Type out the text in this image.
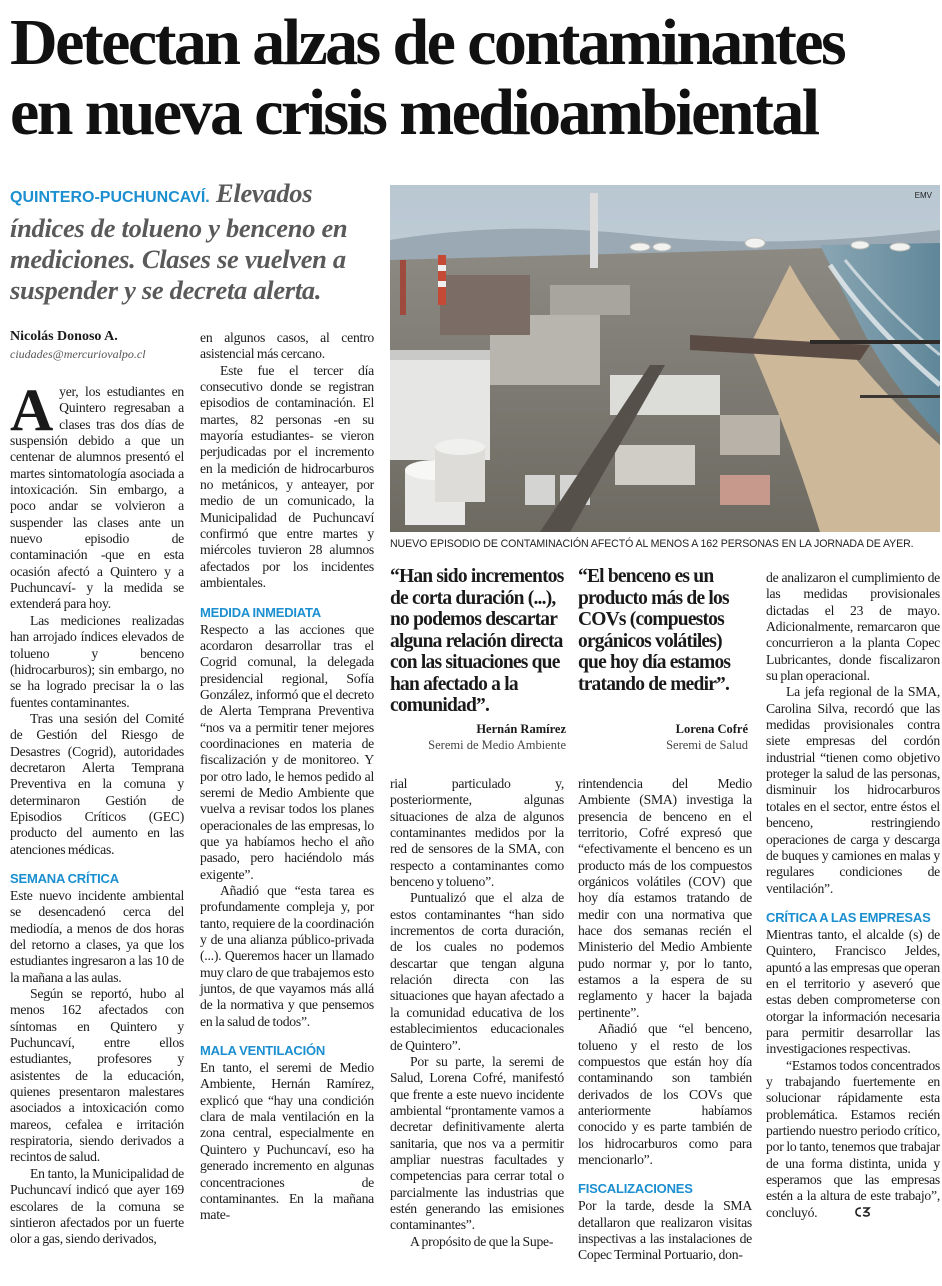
Detectan alzas de contaminantes
en nueva crisis medioambiental

QUINTERO-PUCHUNCAVÍ. Elevados índices de tolueno y benceno en mediciones. Clases se vuelven a suspender y se decreta alerta.

Nicolás Donoso A.
ciudades@mercuriovalpo.cl
EMV
NUEVO EPISODIO DE CONTAMINACIÓN AFECTÓ AL MENOS A 162 PERSONAS EN LA JORNADA DE AYER.

“Han sido incrementos de corta duración (...), no podemos descartar alguna relación directa con las situaciones que han afectado a la comunidad”.

Hernán Ramírez
Seremi de Medio Ambiente

“El benceno es un producto más de los COVs (compuestos orgánicos volátiles) que hoy día estamos tratando de medir”.

Lorena Cofré
Seremi de Salud

Ayer, los estudiantes en Quintero regresaban a clases tras dos días de suspensión debido a que un centenar de alumnos presentó el martes sintomatología asociada a intoxicación. Sin embargo, a poco andar se volvieron a suspender las clases ante un nuevo episodio de contaminación -que en esta ocasión afectó a Quintero y a Puchuncaví- y la medida se extenderá para hoy.

Las mediciones realizadas han arrojado índices elevados de tolueno y benceno (hidrocarburos); sin embargo, no se ha logrado precisar la o las fuentes contaminantes.

Tras una sesión del Comité de Gestión del Riesgo de Desastres (Cogrid), autoridades decretaron Alerta Temprana Preventiva en la comuna y determinaron Gestión de Episodios Críticos (GEC) producto del aumento en las atenciones médicas.

SEMANA CRÍTICA

Este nuevo incidente ambiental se desencadenó cerca del mediodía, a menos de dos horas del retorno a clases, ya que los estudiantes ingresaron a las 10 de la mañana a las aulas.

Según se reportó, hubo al menos 162 afectados con síntomas en Quintero y Puchuncaví, entre ellos estudiantes, profesores y asistentes de la educación, quienes presentaron malestares asociados a intoxicación como mareos, cefalea e irritación respiratoria, siendo derivados a recintos de salud.

En tanto, la Municipalidad de Puchuncaví indicó que ayer 169 escolares de la comuna se sintieron afectados por un fuerte olor a gas, siendo derivados,

en algunos casos, al centro asistencial más cercano.

Este fue el tercer día consecutivo donde se registran episodios de contaminación. El martes, 82 personas -en su mayoría estudiantes- se vieron perjudicadas por el incremento en la medición de hidrocarburos no metánicos, y anteayer, por medio de un comunicado, la Municipalidad de Puchuncaví confirmó que entre martes y miércoles tuvieron 28 alumnos afectados por los incidentes ambientales.

MEDIDA INMEDIATA

Respecto a las acciones que acordaron desarrollar tras el Cogrid comunal, la delegada presidencial regional, Sofía González, informó que el decreto de Alerta Temprana Preventiva “nos va a permitir tener mejores coordinaciones en materia de fiscalización y de monitoreo. Y por otro lado, le hemos pedido al seremi de Medio Ambiente que vuelva a revisar todos los planes operacionales de las empresas, lo que ya habíamos hecho el año pasado, pero haciéndolo más exigente”.

Añadió que “esta tarea es profundamente compleja y, por tanto, requiere de la coordinación y de una alianza público-privada (...). Queremos hacer un llamado muy claro de que trabajemos esto juntos, de que vayamos más allá de la normativa y que pensemos en la salud de todos”.

MALA VENTILACIÓN

En tanto, el seremi de Medio Ambiente, Hernán Ramírez, explicó que “hay una condición clara de mala ventilación en la zona central, especialmente en Quintero y Puchuncaví, eso ha generado incremento en algunas concentraciones de contaminantes. En la mañana mate-

rial particulado y, posteriormente, algunas situaciones de alza de algunos contaminantes medidos por la red de sensores de la SMA, con respecto a contaminantes como benceno y tolueno”.

Puntualizó que el alza de estos contaminantes “han sido incrementos de corta duración, de los cuales no podemos descartar que tengan alguna relación directa con las situaciones que hayan afectado a la comunidad educativa de los establecimientos educacionales de Quintero”.

Por su parte, la seremi de Salud, Lorena Cofré, manifestó que frente a este nuevo incidente ambiental “prontamente vamos a decretar definitivamente alerta sanitaria, que nos va a permitir ampliar nuestras facultades y competencias para cerrar total o parcialmente las industrias que estén generando las emisiones contaminantes”.

A propósito de que la Supe-

rintendencia del Medio Ambiente (SMA) investiga la presencia de benceno en el territorio, Cofré expresó que “efectivamente el benceno es un producto más de los compuestos orgánicos volátiles (COV) que hoy día estamos tratando de medir con una normativa que hace dos semanas recién el Ministerio del Medio Ambiente pudo normar y, por lo tanto, estamos a la espera de su reglamento y hacer la bajada pertinente”.

Añadió que “el benceno, tolueno y el resto de los compuestos que están hoy día contaminando son también derivados de los COVs que anteriormente habíamos conocido y es parte también de los hidrocarburos como para mencionarlo”.

FISCALIZACIONES

Por la tarde, desde la SMA detallaron que realizaron visitas inspectivas a las instalaciones de Copec Terminal Portuario, don-

de analizaron el cumplimiento de las medidas provisionales dictadas el 23 de mayo. Adicionalmente, remarcaron que concurrieron a la planta Copec Lubricantes, donde fiscalizaron su plan operacional.

La jefa regional de la SMA, Carolina Silva, recordó que las medidas provisionales contra siete empresas del cordón industrial “tienen como objetivo proteger la salud de las personas, disminuir los hidrocarburos totales en el sector, entre éstos el benceno, restringiendo operaciones de carga y descarga de buques y camiones en malas y regulares condiciones de ventilación”.

CRÍTICA A LAS EMPRESAS

Mientras tanto, el alcalde (s) de Quintero, Francisco Jeldes, apuntó a las empresas que operan en el territorio y aseveró que estas deben comprometerse con otorgar la información necesaria para permitir desarrollar las investigaciones respectivas.

“Estamos todos concentrados y trabajando fuertemente en solucionar rápidamente esta problemática. Estamos recién partiendo nuestro periodo crítico, por lo tanto, tenemos que trabajar de una forma distinta, unida y esperamos que las empresas estén a la altura de este trabajo”, concluyó.
